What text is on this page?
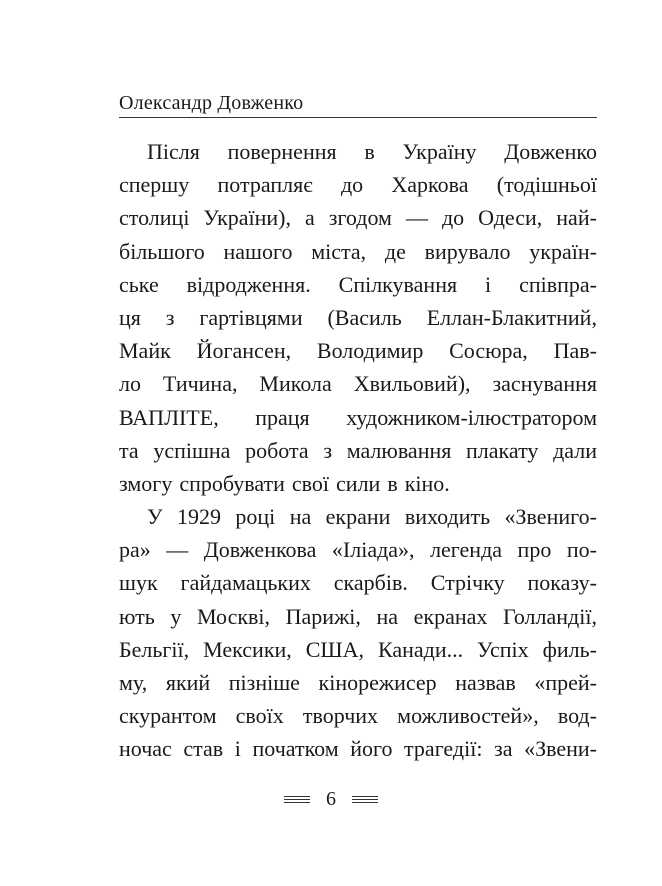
Олександр Довженко
Після повернення в Україну Довженко
спершу потрапляє до Харкова (тодішньої
столиці України), а згодом — до Одеси, най-
більшого нашого міста, де вирувало україн-
ське відродження. Спілкування і співпра-
ця з гартівцями (Василь Еллан-Блакитний,
Майк Йогансен, Володимир Сосюра, Пав-
ло Тичина, Микола Хвильовий), заснування
ВАПЛІТЕ, праця художником-ілюстратором
та успішна робота з малювання плакату дали
змогу спробувати свої сили в кіно.
У 1929 році на екрани виходить «Звениго-
ра» — Довженкова «Іліада», легенда про по-
шук гайдамацьких скарбів. Стрічку показу-
ють у Москві, Парижі, на екранах Голландії,
Бельгії, Мексики, США, Канади... Успіх филь-
му, який пізніше кінорежисер назвав «прей-
скурантом своїх творчих можливостей», вод-
ночас став і початком його трагедії: за «Звени-
6
